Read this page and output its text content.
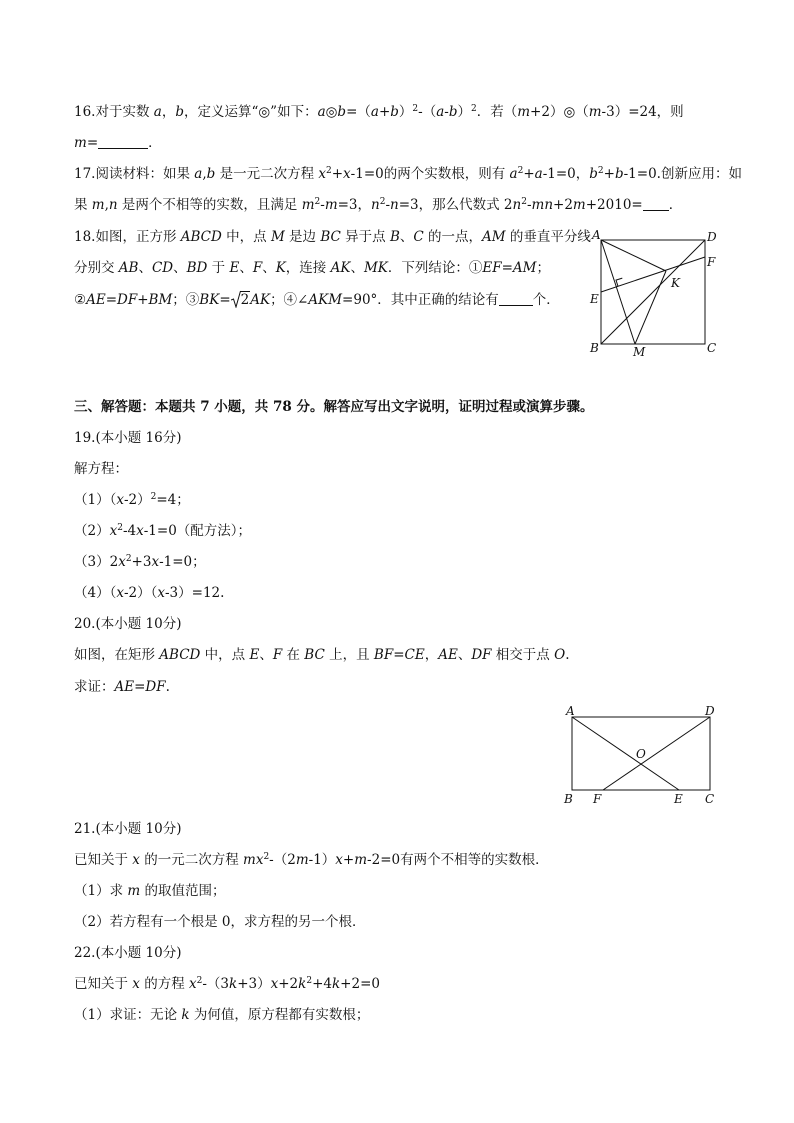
16.对于实数 a，b，定义运算“◎”如下：$a◎b=(a+b)^2-(a-b)^2$．若（m+2）◎（m-3）=24，则
m=	．
17.阅读材料：如果 a,b 是一元二次方程 $x^2+x-1=0$的两个实数根，则有 $a^2+a-1=0$，$b^2+b-1=0$.创新应用：如
果 m,n 是两个不相等的实数，且满足 $m^2-m=3$，$n^2-n=3$，那么代数式 $2n^2-mn+2m+2010=$ ．
18.如图，正方形 ABCD 中，点 M 是边 BC 异于点 B、C 的一点，AM 的垂直平分线
分别交 AB、CD、BD 于 E、F、K，连接 AK、MK．下列结论：①EF=AM；
②AE=DF+BM；③BK= 2AK；④∠AKM=90°．其中正确的结论有	个．
A	D
F
K
E
B	M	C
三、解答题：本题共 7 小题，共 78 分。解答应写出文字说明，证明过程或演算步骤。
19.(本小题 16分)
解方程：
$(1)(x-2)^2=4$；
$(2)x^2-4x-1=0$（配方法）；
$(3)2x^2+3x-1=0$；
（4）（x-2）（x-3）=12.
20.(本小题 10分)
如图，在矩形 ABCD 中，点 E、F 在 BC 上，且 BF=CE，AE、DF 相交于点 O.
求证：AE=DF.
A	D
O
B F	E C
21.(本小题 10分)
已知关于 x 的一元二次方程 $mx^2-(2m-1)x+m-2=0$有两个不相等的实数根．
（1）求 m 的取值范围；
（2）若方程有一个根是 0，求方程的另一个根．
22.(本小题 10分)
已知关于 x 的方程 $x^2-(3k+3)x+2k^2+4k+2=0$
（1）求证：无论 k 为何值，原方程都有实数根；
